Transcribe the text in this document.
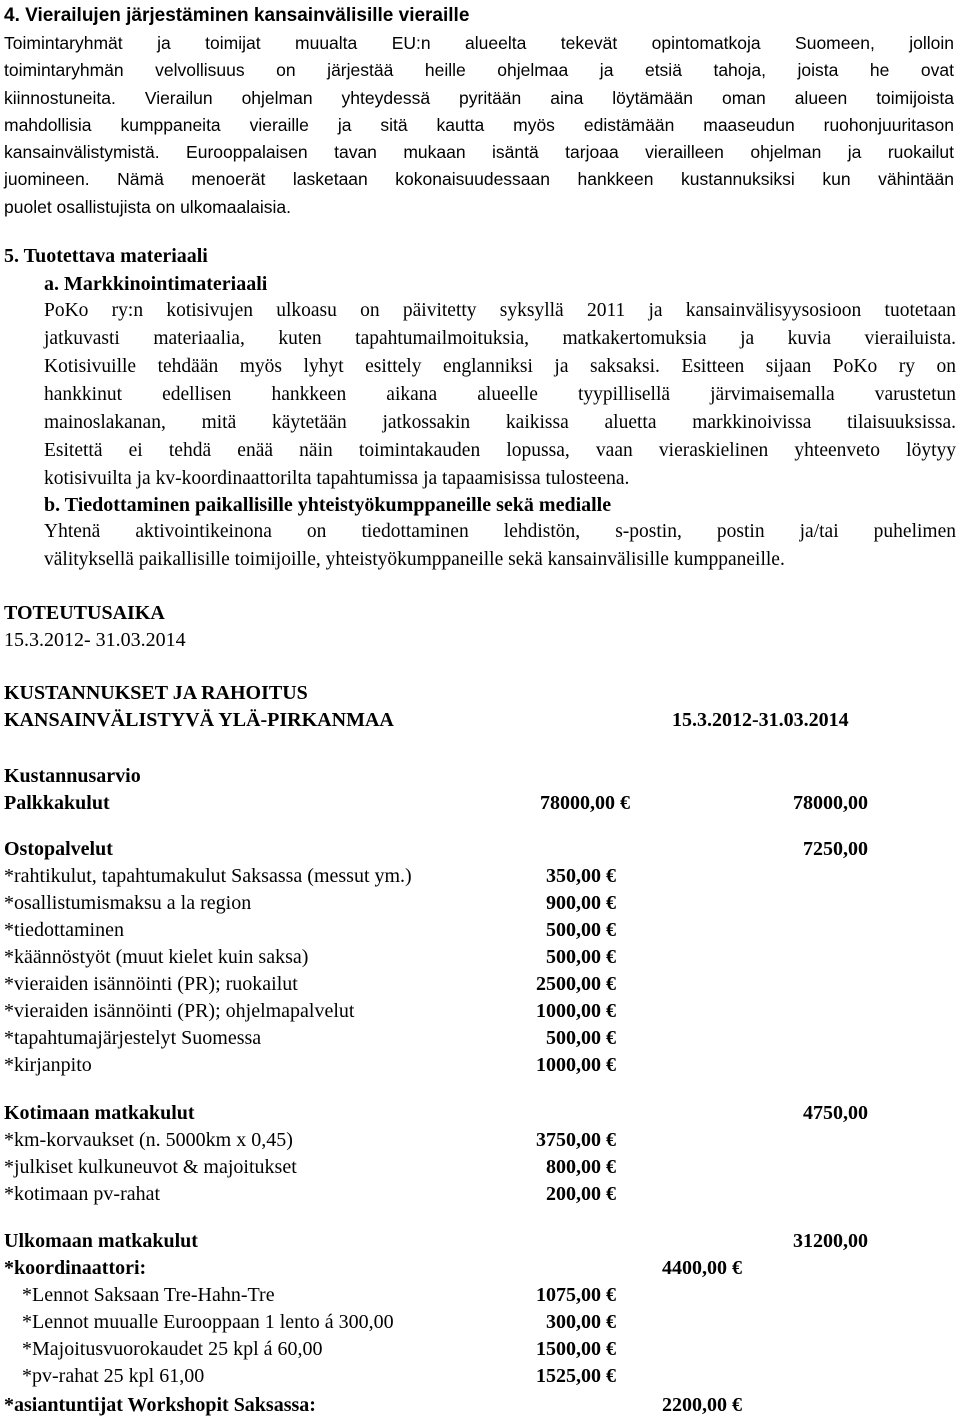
4. Vierailujen järjestäminen kansainvälisille vieraille
Toimintaryhmät ja toimijat muualta EU:n alueelta tekevät opintomatkoja Suomeen, jolloin
toimintaryhmän velvollisuus on järjestää heille ohjelmaa ja etsiä tahoja, joista he ovat
kiinnostuneita. Vierailun ohjelman yhteydessä pyritään aina löytämään oman alueen toimijoista
mahdollisia kumppaneita vieraille ja sitä kautta myös edistämään maaseudun ruohonjuuritason
kansainvälistymistä. Eurooppalaisen tavan mukaan isäntä tarjoaa vierailleen ohjelman ja ruokailut
juomineen. Nämä menoerät lasketaan kokonaisuudessaan hankkeen kustannuksiksi kun vähintään
puolet osallistujista on ulkomaalaisia.
5. Tuotettava materiaali
a. Markkinointimateriaali
PoKo ry:n kotisivujen ulkoasu on päivitetty syksyllä 2011 ja kansainvälisyysosioon tuotetaan
jatkuvasti materiaalia, kuten tapahtumailmoituksia, matkakertomuksia ja kuvia vierailuista.
Kotisivuille tehdään myös lyhyt esittely englanniksi ja saksaksi. Esitteen sijaan PoKo ry on
hankkinut edellisen hankkeen aikana alueelle tyypillisellä järvimaisemalla varustetun
mainoslakanan, mitä käytetään jatkossakin kaikissa aluetta markkinoivissa tilaisuuksissa.
Esitettä ei tehdä enää näin toimintakauden lopussa, vaan vieraskielinen yhteenveto löytyy
kotisivuilta ja kv-koordinaattorilta tapahtumissa ja tapaamisissa tulosteena.
b. Tiedottaminen paikallisille yhteistyökumppaneille sekä medialle
Yhtenä aktivointikeinona on tiedottaminen lehdistön, s-postin, postin ja/tai puhelimen
välityksellä paikallisille toimijoille, yhteistyökumppaneille sekä kansainvälisille kumppaneille.
TOTEUTUSAIKA
15.3.2012- 31.03.2014
KUSTANNUKSET JA RAHOITUS
KANSAINVÄLISTYVÄ YLÄ-PIRKANMAA	15.3.2012-31.03.2014
Kustannusarvio
Palkkakulut	78000,00 €	78000,00
Ostopalvelut	7250,00
*rahtikulut, tapahtumakulut Saksassa (messut ym.)	350,00 €
*osallistumismaksu a la region	900,00 €
*tiedottaminen	500,00 €
*käännöstyöt (muut kielet kuin saksa)	500,00 €
*vieraiden isännöinti (PR); ruokailut	2500,00 €
*vieraiden isännöinti (PR); ohjelmapalvelut	1000,00 €
*tapahtumajärjestelyt Suomessa	500,00 €
*kirjanpito	1000,00 €
Kotimaan matkakulut	4750,00
*km-korvaukset (n. 5000km x 0,45)	3750,00 €
*julkiset kulkuneuvot & majoitukset	800,00 €
*kotimaan pv-rahat	200,00 €
Ulkomaan matkakulut	31200,00
*koordinaattori:	4400,00 €
*Lennot Saksaan Tre-Hahn-Tre	1075,00 €
*Lennot muualle Eurooppaan 1 lento á 300,00	300,00 €
*Majoitusvuorokaudet 25 kpl á 60,00	1500,00 €
*pv-rahat 25 kpl 61,00	1525,00 €
*asiantuntijat Workshopit Saksassa:	2200,00 €
